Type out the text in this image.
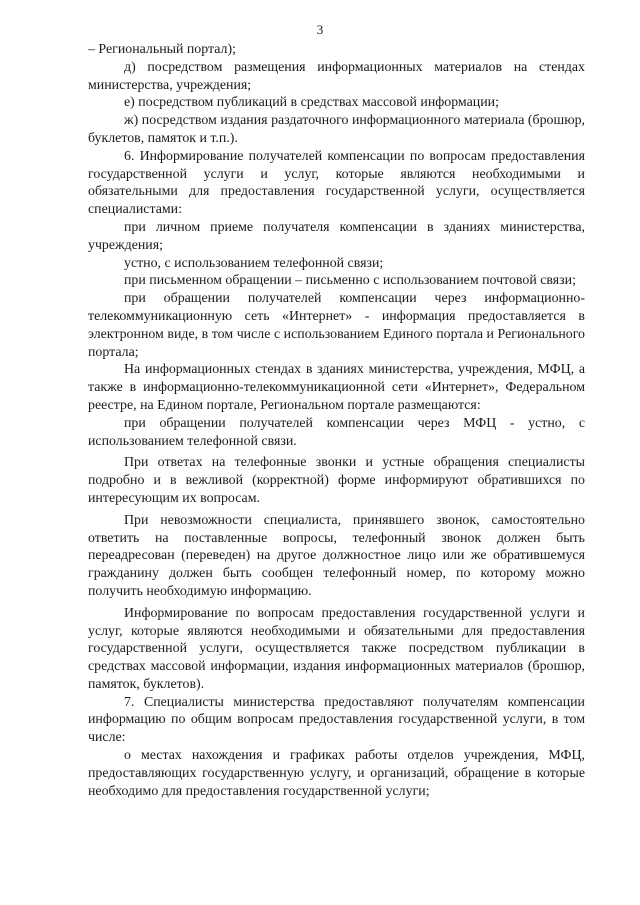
3

– Региональный портал);

д) посредством размещения информационных материалов на стендах министерства, учреждения;

е) посредством публикаций в средствах массовой информации;

ж) посредством издания раздаточного информационного материала (брошюр, буклетов, памяток и т.п.).

6. Информирование получателей компенсации по вопросам предоставления государственной услуги и услуг, которые являются необходимыми и обязательными для предоставления государственной услуги, осуществляется специалистами:

при личном приеме получателя компенсации в зданиях министерства, учреждения;

устно, с использованием телефонной связи;

при письменном обращении – письменно с использованием почтовой связи;

при обращении получателей компенсации через информационно-телекоммуникационную сеть «Интернет» - информация предоставляется в электронном виде, в том числе с использованием Единого портала и Регионального портала;

На информационных стендах в зданиях министерства, учреждения, МФЦ, а также в информационно-телекоммуникационной сети «Интернет», Федеральном реестре, на Едином портале, Региональном портале размещаются:

при обращении получателей компенсации через МФЦ - устно, с использованием телефонной связи.

При ответах на телефонные звонки и устные обращения специалисты подробно и в вежливой (корректной) форме информируют обратившихся по интересующим их вопросам.

При невозможности специалиста, принявшего звонок, самостоятельно ответить на поставленные вопросы, телефонный звонок должен быть переадресован (переведен) на другое должностное лицо или же обратившемуся гражданину должен быть сообщен телефонный номер, по которому можно получить необходимую информацию.

Информирование по вопросам предоставления государственной услуги и услуг, которые являются необходимыми и обязательными для предоставления государственной услуги, осуществляется также посредством публикации в средствах массовой информации, издания информационных материалов (брошюр, памяток, буклетов).

7. Специалисты министерства предоставляют получателям компенсации информацию по общим вопросам предоставления государственной услуги, в том числе:

о местах нахождения и графиках работы отделов учреждения, МФЦ, предоставляющих государственную услугу, и организаций, обращение в которые необходимо для предоставления государственной услуги;
